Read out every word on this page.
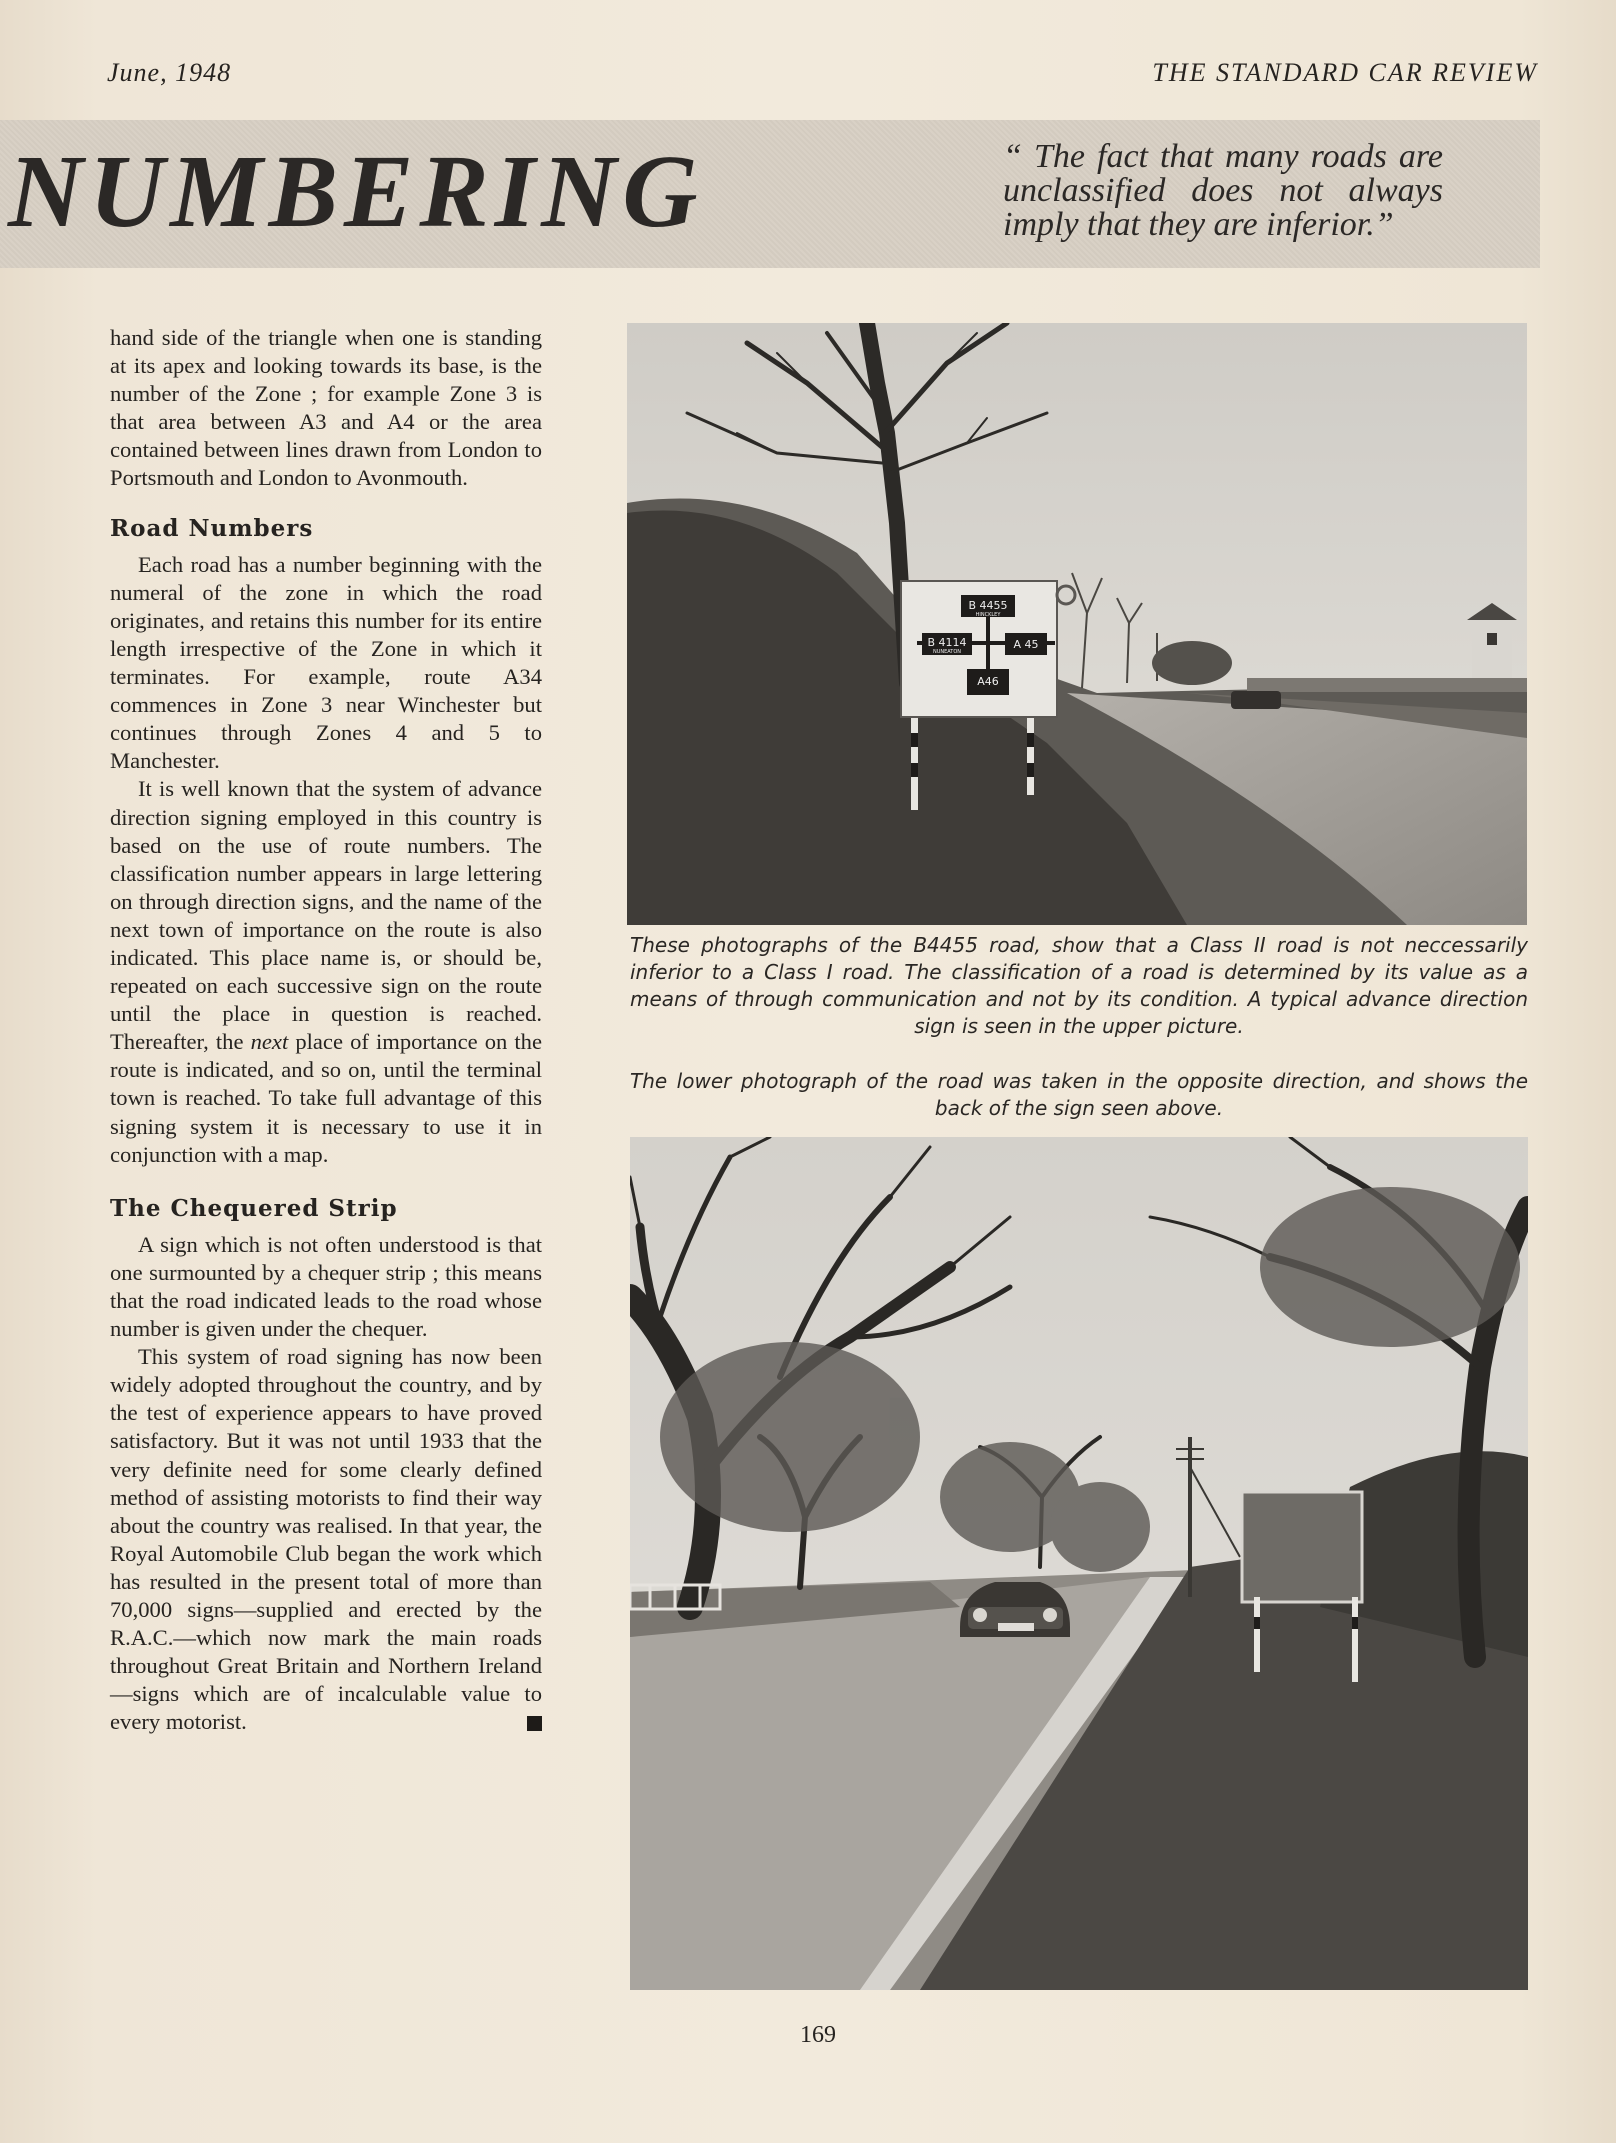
June, 1948	THE STANDARD CAR REVIEW
NUMBERING	“ The fact that many roads are unclassified does not always imply that they are inferior.”

hand side of the triangle when one is standing at its apex and looking towards its base, is the number of the Zone ; for example Zone 3 is that area between A3 and A4 or the area contained between lines drawn from London to Portsmouth and London to Avonmouth.

Road Numbers

Each road has a number beginning with the numeral of the zone in which the road originates, and retains this number for its entire length irrespective of the Zone in which it terminates. For example, route A34 commences in Zone 3 near Winchester but continues through Zones 4 and 5 to Manchester.

It is well known that the system of advance direction signing employed in this country is based on the use of route numbers. The classification number appears in large lettering on through direction signs, and the name of the next town of importance on the route is also indicated. This place name is, or should be, repeated on each successive sign on the route until the place in question is reached. Thereafter, the next place of importance on the route is indicated, and so on, until the terminal town is reached. To take full advantage of this signing system it is necessary to use it in conjunction with a map.

The Chequered Strip

A sign which is not often understood is that one surmounted by a chequer strip ; this means that the road indicated leads to the road whose number is given under the chequer.

This system of road signing has now been widely adopted throughout the country, and by the test of experience appears to have proved satisfactory. But it was not until 1933 that the very definite need for some clearly defined method of assisting motorists to find their way about the country was realised. In that year, the Royal Automobile Club began the work which has resulted in the present total of more than 70,000 signs—supplied and erected by the R.A.C.—which now mark the main roads throughout Great Britain and Northern Ireland—signs which are of incalculable value to every motorist.

B 4455
HINCKLEY
B 4114
NUNEATON
A 45
A46
These photographs of the B4455 road, show that a Class II road is not neccessarily inferior to a Class I road. The classification of a road is determined by its value as a means of through communication and not by its condition. A typical advance direction sign is seen in the upper picture.
The lower photograph of the road was taken in the opposite direction, and shows the back of the sign seen above.
169
